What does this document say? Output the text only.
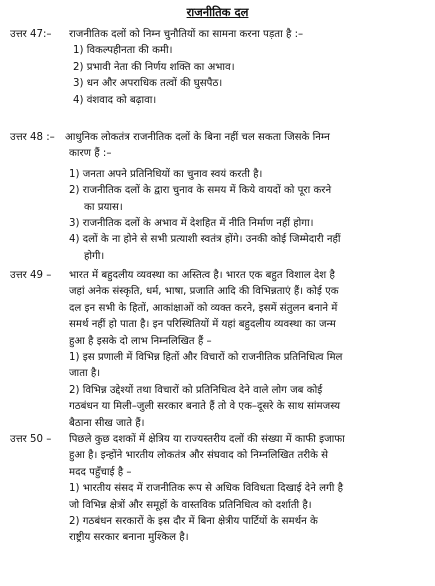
राजनीतिक दल
उत्तर 47:– राजनीतिक दलों को निम्न चुनौतियों का सामना करना पड़ता है :–
1) विकल्पहीनता की कमी।
2) प्रभावी नेता की निर्णय शक्ति का अभाव।
3) धन और अपराधिक तत्वों की घुसपैठ।
4) वंशवाद को बढ़ावा।
उत्तर 48 :– आधुनिक लोकतंत्र राजनीतिक दलों के बिना नहीं चल सकता जिसके निम्न
कारण हैं :–
1) जनता अपने प्रतिनिधियों का चुनाव स्वयं करती है।
2) राजनीतिक दलों के द्वारा चुनाव के समय में किये वायदों को पूरा करने
का प्रयास।
3) राजनीतिक दलों के अभाव में देशहित में नीति निर्माण नहीं होगा।
4) दलों के ना होने से सभी प्रत्याशी स्वतंत्र होंगे। उनकी कोई जिम्मेदारी नहीं
होगी।
उत्तर 49 – भारत में बहुदलीय व्यवस्था का अस्तित्व है। भारत एक बहुत विशाल देश है
जहां अनेक संस्कृति, धर्म, भाषा, प्रजाति आदि की विभिन्नताएं हैं। कोई एक
दल इन सभी के हितों, आकांक्षाओं को व्यक्त करने, इसमें संतुलन बनाने में
समर्थ नहीं हो पाता है। इन परिस्थितियों में यहां बहुदलीय व्यवस्था का जन्म
हुआ है इसके दो लाभ निम्नलिखित हैं –
1) इस प्रणाली में विभिन्न हितों और विचारों को राजनीतिक प्रतिनिधित्व मिल
जाता है।
2) विभिन्न उद्देश्यों तथा विचारों को प्रतिनिधित्व देने वाले लोग जब कोई
गठबंधन या मिली–जुली सरकार बनाते हैं तो वे एक–दूसरे के साथ सांमजस्य
बैठाना सीख जाते हैं।
उत्तर 50 – पिछले कुछ दशकों में क्षेत्रिय या राज्यस्तरीय दलों की संख्या में काफी इजाफा
हुआ है। इन्होंने भारतीय लोकतंत्र और संघवाद को निम्नलिखित तरीके से
मदद पहुँचाई है –
1) भारतीय संसद में राजनीतिक रूप से अधिक विविधता दिखाई देने लगी है
जो विभिन्न क्षेत्रों और समूहों के वास्तविक प्रतिनिधित्व को दर्शाती है।
2) गठबंधन सरकारों के इस दौर में बिना क्षेत्रीय पार्टियों के समर्थन के
राष्ट्रीय सरकार बनाना मुश्किल है।
